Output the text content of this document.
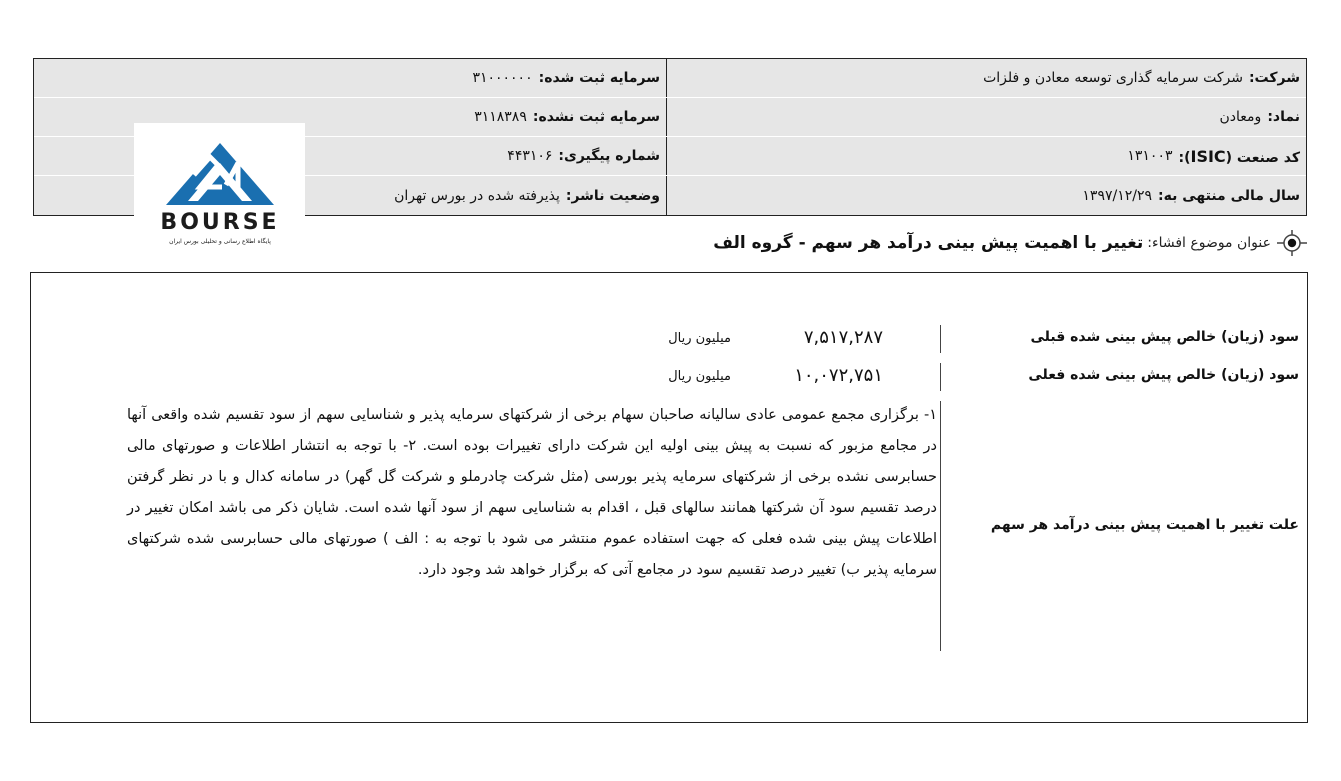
شرکت:
شرکت سرمایه گذاری توسعه معادن و فلزات
سرمایه ثبت شده:
۳۱۰۰۰۰۰۰
نماد:
ومعادن
سرمایه ثبت نشده:
۳۱۱۸۳۸۹
کد صنعت (ISIC):
۱۳۱۰۰۳
شماره پیگیری:
۴۴۳۱۰۶
سال مالی منتهی به:
۱۳۹۷/۱۲/۲۹
وضعیت ناشر:
پذیرفته شده در بورس تهران
BOURSE
پایگاه اطلاع رسانی و تحلیلی بورس ایران	عنوان موضوع افشاء:
تغییر با اهمیت پیش بینی درآمد هر سهم - گروه الف
سود (زیان) خالص پیش بینی شده قبلی
۷,۵۱۷,۲۸۷
میلیون ریال
سود (زیان) خالص پیش بینی شده فعلی
۱۰,۰۷۲,۷۵۱
میلیون ریال
علت تغییر با اهمیت پیش بینی درآمد هر سهم
۱- برگزاری مجمع عمومی عادی سالیانه صاحبان سهام برخی از شرکتهای سرمایه پذیر و شناسایی سهم از سود تقسیم شده واقعی آنها در مجامع مزبور که نسبت به پیش بینی اولیه این شرکت دارای تغییرات بوده است. ۲- با توجه به انتشار اطلاعات و صورتهای مالی حسابرسی نشده برخی از شرکتهای سرمایه پذیر بورسی (مثل شرکت چادرملو و شرکت گل گهر) در سامانه کدال و با در نظر گرفتن درصد تقسیم سود آن شرکتها همانند سالهای قبل ، اقدام به شناسایی سهم از سود آنها شده است. شایان ذکر می باشد امکان تغییر در اطلاعات پیش بینی شده فعلی که جهت استفاده عموم منتشر می شود با توجه به : الف ) صورتهای مالی حسابرسی شده شرکتهای سرمایه پذیر ب) تغییر درصد تقسیم سود در مجامع آتی که برگزار خواهد شد وجود دارد.
